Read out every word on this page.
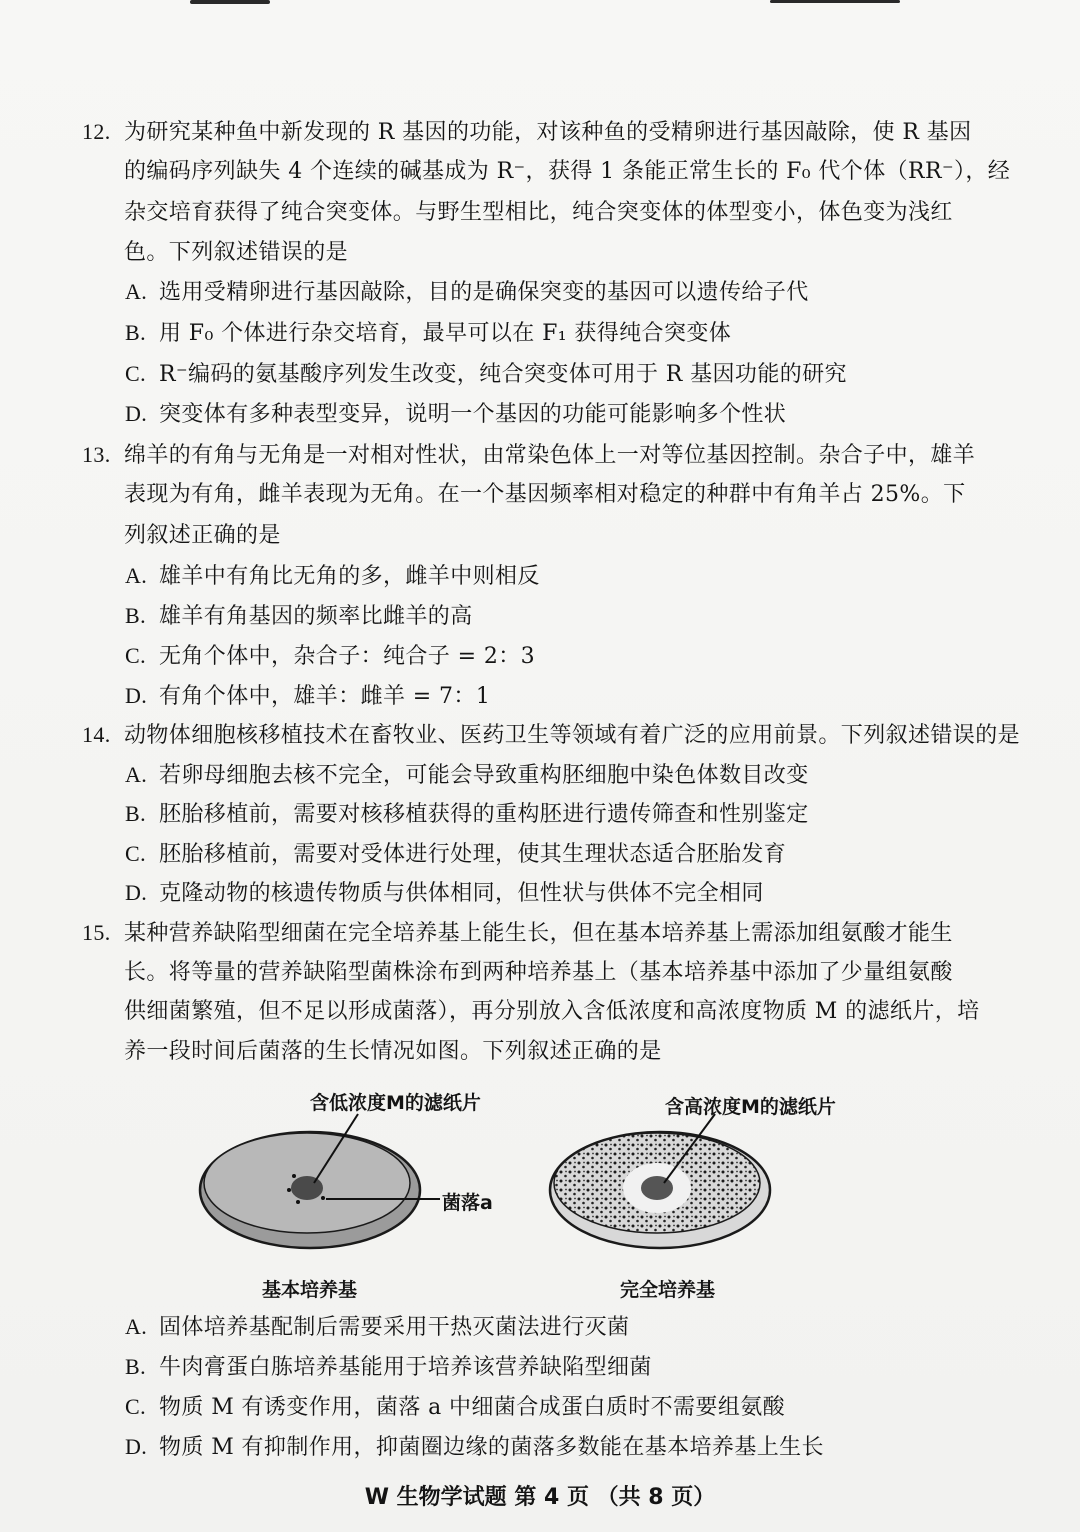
12. 为研究某种鱼中新发现的 R 基因的功能，对该种鱼的受精卵进行基因敲除，使 R 基因
的编码序列缺失 4 个连续的碱基成为 R⁻，获得 1 条能正常生长的 F₀ 代个体（RR⁻），经
杂交培育获得了纯合突变体。与野生型相比，纯合突变体的体型变小，体色变为浅红
色。下列叙述错误的是
A. 选用受精卵进行基因敲除，目的是确保突变的基因可以遗传给子代
B. 用 F₀ 个体进行杂交培育，最早可以在 F₁ 获得纯合突变体
C. R⁻编码的氨基酸序列发生改变，纯合突变体可用于 R 基因功能的研究
D. 突变体有多种表型变异，说明一个基因的功能可能影响多个性状
13. 绵羊的有角与无角是一对相对性状，由常染色体上一对等位基因控制。杂合子中，雄羊
表现为有角，雌羊表现为无角。在一个基因频率相对稳定的种群中有角羊占 25%。下
列叙述正确的是
A. 雄羊中有角比无角的多，雌羊中则相反
B. 雄羊有角基因的频率比雌羊的高
C. 无角个体中，杂合子：纯合子 = 2：3
D. 有角个体中，雄羊：雌羊 = 7：1
14. 动物体细胞核移植技术在畜牧业、医药卫生等领域有着广泛的应用前景。下列叙述错误的是
A. 若卵母细胞去核不完全，可能会导致重构胚细胞中染色体数目改变
B. 胚胎移植前，需要对核移植获得的重构胚进行遗传筛查和性别鉴定
C. 胚胎移植前，需要对受体进行处理，使其生理状态适合胚胎发育
D. 克隆动物的核遗传物质与供体相同，但性状与供体不完全相同
15. 某种营养缺陷型细菌在完全培养基上能生长，但在基本培养基上需添加组氨酸才能生
长。将等量的营养缺陷型菌株涂布到两种培养基上（基本培养基中添加了少量组氨酸
供细菌繁殖，但不足以形成菌落），再分别放入含低浓度和高浓度物质 M 的滤纸片，培
养一段时间后菌落的生长情况如图。下列叙述正确的是
含低浓度M的滤纸片	含高浓度M的滤纸片
菌落a
基本培养基	完全培养基
A. 固体培养基配制后需要采用干热灭菌法进行灭菌
B. 牛肉膏蛋白胨培养基能用于培养该营养缺陷型细菌
C. 物质 M 有诱变作用，菌落 a 中细菌合成蛋白质时不需要组氨酸
D. 物质 M 有抑制作用，抑菌圈边缘的菌落多数能在基本培养基上生长
W 生物学试题 第 4 页 （共 8 页）
